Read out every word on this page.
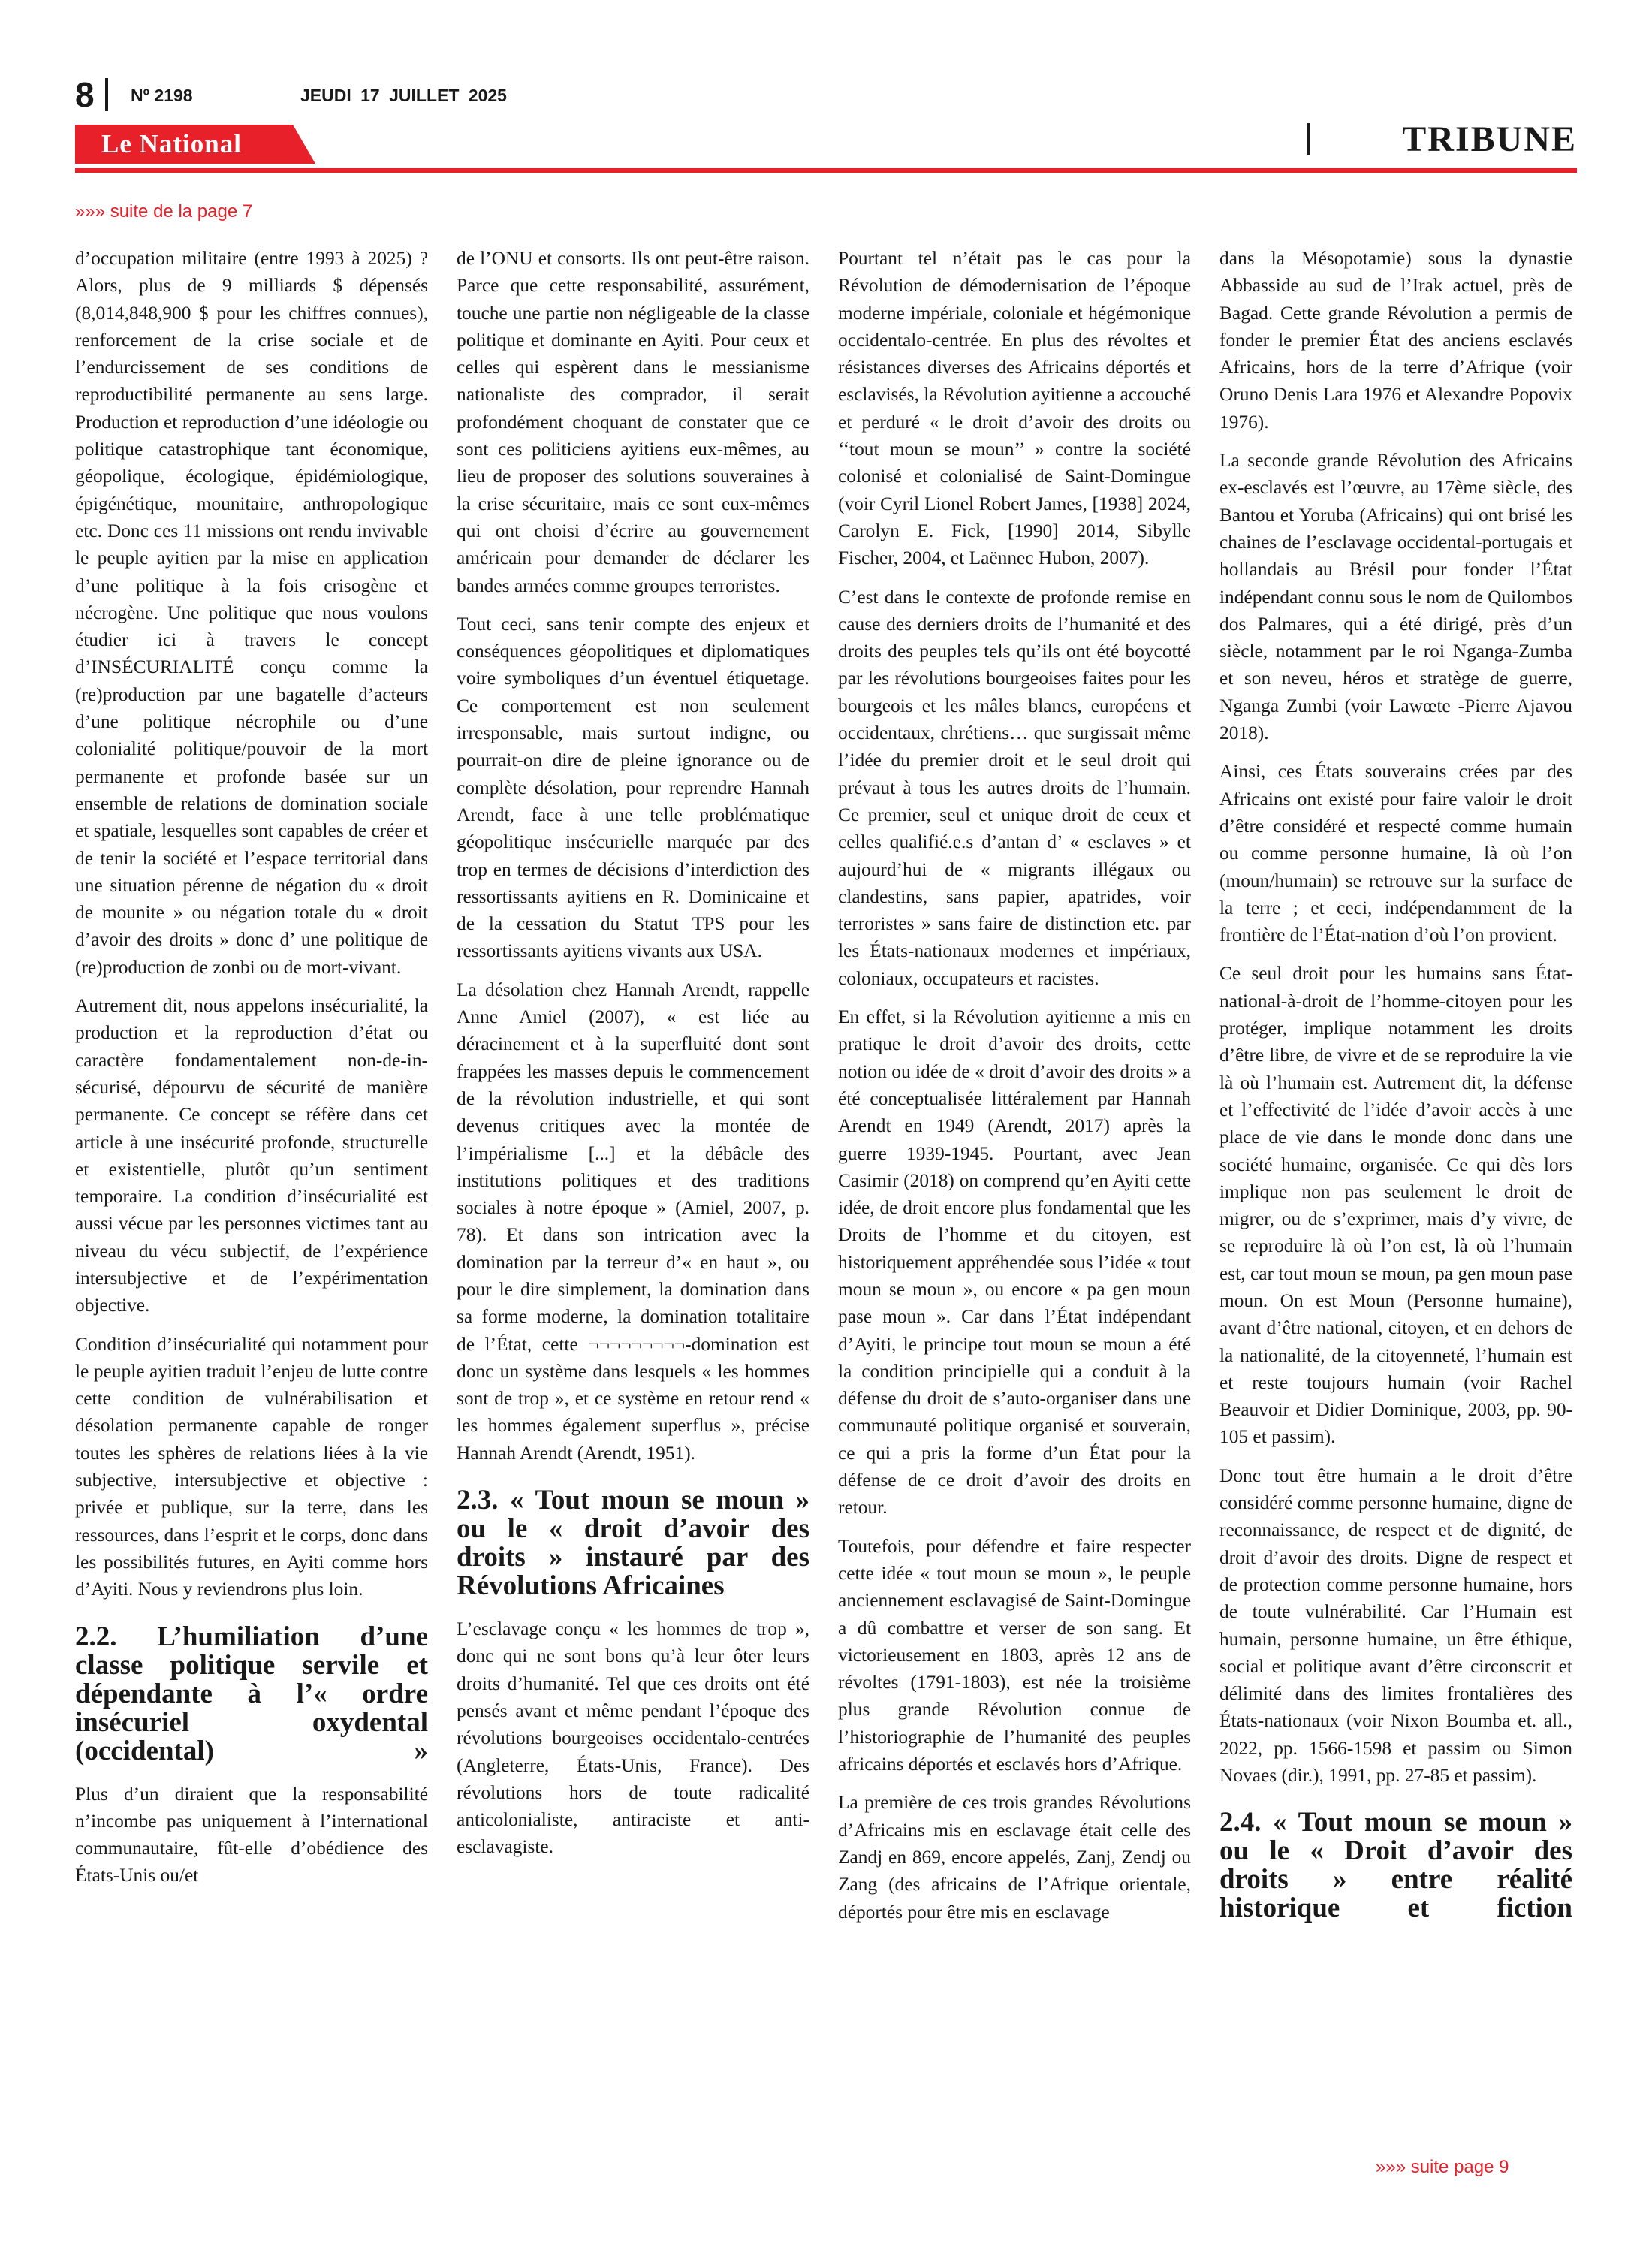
8 Nº 2198	JEUDI 17 JUILLET 2025
Le National	TRIBUNE
»»» suite de la page 7

d’occupation militaire (entre 1993 à 2025) ? Alors, plus de 9 milliards $ dépensés (8,014,848,900 $ pour les chiffres connues), renforcement de la crise sociale et de l’endurcissement de ses conditions de reproductibilité permanente au sens large. Production et reproduction d’une idéologie ou politique catastrophique tant économique, géopolique, écologique, épidémiologique, épigénétique, mounitaire, anthropologique etc. Donc ces 11 missions ont rendu invivable le peuple ayitien par la mise en application d’une politique à la fois crisogène et nécrogène. Une politique que nous voulons étudier ici à travers le concept d’INSÉCURIALITÉ conçu comme la (re)production par une bagatelle d’acteurs d’une politique nécrophile ou d’une colonialité politique/pouvoir de la mort permanente et profonde basée sur un ensemble de relations de domination sociale et spatiale, lesquelles sont capables de créer et de tenir la société et l’espace territorial dans une situation pérenne de négation du « droit de mounite » ou négation totale du « droit d’avoir des droits » donc d’ une politique de (re)production de zonbi ou de mort-vivant.

Autrement dit, nous appelons insécurialité, la production et la reproduction d’état ou caractère fondamentalement non-de-in-sécurisé, dépourvu de sécurité de manière permanente. Ce concept se réfère dans cet article à une insécurité profonde, structurelle et existentielle, plutôt qu’un sentiment temporaire. La condition d’insécurialité est aussi vécue par les personnes victimes tant au niveau du vécu subjectif, de l’expérience intersubjective et de l’expérimentation objective.

Condition d’insécurialité qui notamment pour le peuple ayitien traduit l’enjeu de lutte contre cette condition de vulnérabilisation et désolation permanente capable de ronger toutes les sphères de relations liées à la vie subjective, intersubjective et objective : privée et publique, sur la terre, dans les ressources, dans l’esprit et le corps, donc dans les possibilités futures, en Ayiti comme hors d’Ayiti. Nous y reviendrons plus loin.

2.2. L’humiliation d’une classe politique servile et dépendante à l’« ordre insécuriel oxydental (occidental) »

Plus d’un diraient que la responsabilité n’incombe pas uniquement à l’international communautaire, fût-elle d’obédience des États-Unis ou/et

de l’ONU et consorts. Ils ont peut-être raison. Parce que cette responsabilité, assurément, touche une partie non négligeable de la classe politique et dominante en Ayiti. Pour ceux et celles qui espèrent dans le messianisme nationaliste des comprador, il serait profondément choquant de constater que ce sont ces politiciens ayitiens eux-mêmes, au lieu de proposer des solutions souveraines à la crise sécuritaire, mais ce sont eux-mêmes qui ont choisi d’écrire au gouvernement américain pour demander de déclarer les bandes armées comme groupes terroristes.

Tout ceci, sans tenir compte des enjeux et conséquences géopolitiques et diplomatiques voire symboliques d’un éventuel étiquetage. Ce comportement est non seulement irresponsable, mais surtout indigne, ou pourrait-on dire de pleine ignorance ou de complète désolation, pour reprendre Hannah Arendt, face à une telle problématique géopolitique insécurielle marquée par des trop en termes de décisions d’interdiction des ressortissants ayitiens en R. Dominicaine et de la cessation du Statut TPS pour les ressortissants ayitiens vivants aux USA.

La désolation chez Hannah Arendt, rappelle Anne Amiel (2007), « est liée au déracinement et à la superfluité dont sont frappées les masses depuis le commencement de la révolution industrielle, et qui sont devenus critiques avec la montée de l’impérialisme [...] et la débâcle des institutions politiques et des traditions sociales à notre époque » (Amiel, 2007, p. 78). Et dans son intrication avec la domination par la terreur d’« en haut », ou pour le dire simplement, la domination dans sa forme moderne, la domination totalitaire de l’État, cette ¬¬¬¬¬¬¬¬¬-domination est donc un système dans lesquels « les hommes sont de trop », et ce système en retour rend « les hommes également superflus », précise Hannah Arendt (Arendt, 1951).

2.3. « Tout moun se moun » ou le « droit d’avoir des droits » instauré par des Révolutions Africaines

L’esclavage conçu « les hommes de trop », donc qui ne sont bons qu’à leur ôter leurs droits d’humanité. Tel que ces droits ont été pensés avant et même pendant l’époque des révolutions bourgeoises occidentalo-centrées (Angleterre, États-Unis, France). Des révolutions hors de toute radicalité anticolonialiste, antiraciste et anti-esclavagiste.

Pourtant tel n’était pas le cas pour la Révolution de démodernisation de l’époque moderne impériale, coloniale et hégémonique occidentalo-centrée. En plus des révoltes et résistances diverses des Africains déportés et esclavisés, la Révolution ayitienne a accouché et perduré « le droit d’avoir des droits ou ‘‘tout moun se moun’’ » contre la société colonisé et colonialisé de Saint-Domingue (voir Cyril Lionel Robert James, [1938] 2024, Carolyn E. Fick, [1990] 2014, Sibylle Fischer, 2004, et Laënnec Hubon, 2007).

C’est dans le contexte de profonde remise en cause des derniers droits de l’humanité et des droits des peuples tels qu’ils ont été boycotté par les révolutions bourgeoises faites pour les bourgeois et les mâles blancs, européens et occidentaux, chrétiens… que surgissait même l’idée du premier droit et le seul droit qui prévaut à tous les autres droits de l’humain. Ce premier, seul et unique droit de ceux et celles qualifié.e.s d’antan d’ « esclaves » et aujourd’hui de « migrants illégaux ou clandestins, sans papier, apatrides, voir terroristes » sans faire de distinction etc. par les États-nationaux modernes et impériaux, coloniaux, occupateurs et racistes.

En effet, si la Révolution ayitienne a mis en pratique le droit d’avoir des droits, cette notion ou idée de « droit d’avoir des droits » a été conceptualisée littéralement par Hannah Arendt en 1949 (Arendt, 2017) après la guerre 1939-1945. Pourtant, avec Jean Casimir (2018) on comprend qu’en Ayiti cette idée, de droit encore plus fondamental que les Droits de l’homme et du citoyen, est historiquement appréhendée sous l’idée « tout moun se moun », ou encore « pa gen moun pase moun ». Car dans l’État indépendant d’Ayiti, le principe tout moun se moun a été la condition principielle qui a conduit à la défense du droit de s’auto-organiser dans une communauté politique organisé et souverain, ce qui a pris la forme d’un État pour la défense de ce droit d’avoir des droits en retour.

Toutefois, pour défendre et faire respecter cette idée « tout moun se moun », le peuple anciennement esclavagisé de Saint-Domingue a dû combattre et verser de son sang. Et victorieusement en 1803, après 12 ans de révoltes (1791-1803), est née la troisième plus grande Révolution connue de l’historiographie de l’humanité des peuples africains déportés et esclavés hors d’Afrique.

La première de ces trois grandes Révolutions d’Africains mis en esclavage était celle des Zandj en 869, encore appelés, Zanj, Zendj ou Zang (des africains de l’Afrique orientale, déportés pour être mis en esclavage

dans la Mésopotamie) sous la dynastie Abbasside au sud de l’Irak actuel, près de Bagad. Cette grande Révolution a permis de fonder le premier État des anciens esclavés Africains, hors de la terre d’Afrique (voir Oruno Denis Lara 1976 et Alexandre Popovix 1976).

La seconde grande Révolution des Africains ex-esclavés est l’œuvre, au 17ème siècle, des Bantou et Yoruba (Africains) qui ont brisé les chaines de l’esclavage occidental-portugais et hollandais au Brésil pour fonder l’État indépendant connu sous le nom de Quilombos dos Palmares, qui a été dirigé, près d’un siècle, notamment par le roi Nganga-Zumba et son neveu, héros et stratège de guerre, Nganga Zumbi (voir Lawœte -Pierre Ajavou 2018).

Ainsi, ces États souverains crées par des Africains ont existé pour faire valoir le droit d’être considéré et respecté comme humain ou comme personne humaine, là où l’on (moun/humain) se retrouve sur la surface de la terre ; et ceci, indépendamment de la frontière de l’État-nation d’où l’on provient.

Ce seul droit pour les humains sans État-national-à-droit de l’homme-citoyen pour les protéger, implique notamment les droits d’être libre, de vivre et de se reproduire la vie là où l’humain est. Autrement dit, la défense et l’effectivité de l’idée d’avoir accès à une place de vie dans le monde donc dans une société humaine, organisée. Ce qui dès lors implique non pas seulement le droit de migrer, ou de s’exprimer, mais d’y vivre, de se reproduire là où l’on est, là où l’humain est, car tout moun se moun, pa gen moun pase moun. On est Moun (Personne humaine), avant d’être national, citoyen, et en dehors de la nationalité, de la citoyenneté, l’humain est et reste toujours humain (voir Rachel Beauvoir et Didier Dominique, 2003, pp. 90-105 et passim).

Donc tout être humain a le droit d’être considéré comme personne humaine, digne de reconnaissance, de respect et de dignité, de droit d’avoir des droits. Digne de respect et de protection comme personne humaine, hors de toute vulnérabilité. Car l’Humain est humain, personne humaine, un être éthique, social et politique avant d’être circonscrit et délimité dans des limites frontalières des États-nationaux (voir Nixon Boumba et. all., 2022, pp. 1566-1598 et passim ou Simon Novaes (dir.), 1991, pp. 27-85 et passim).

2.4. « Tout moun se moun » ou le « Droit d’avoir des droits » entre réalité historique et fiction
»»» suite page 9
